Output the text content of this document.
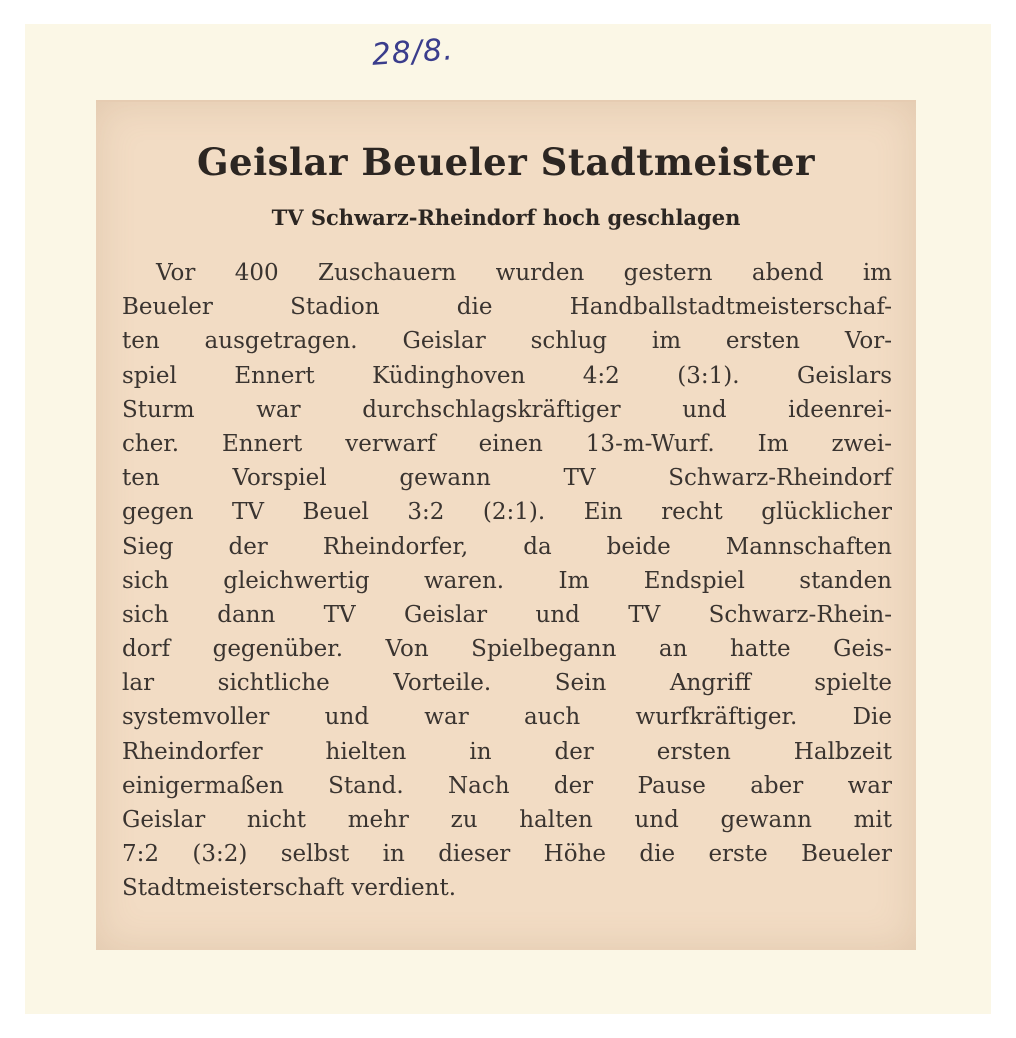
28/8.
Geislar Beueler Stadtmeister
TV Schwarz-Rheindorf hoch geschlagen
Vor 400 Zuschauern wurden gestern abend im
Beueler Stadion die Handballstadtmeisterschaf-
ten ausgetragen. Geislar schlug im ersten Vor-
spiel Ennert Küdinghoven 4:2 (3:1). Geislars
Sturm war durchschlagskräftiger und ideenrei-
cher. Ennert verwarf einen 13-m-Wurf. Im zwei-
ten Vorspiel gewann TV Schwarz-Rheindorf
gegen TV Beuel 3:2 (2:1). Ein recht glücklicher
Sieg der Rheindorfer, da beide Mannschaften
sich gleichwertig waren. Im Endspiel standen
sich dann TV Geislar und TV Schwarz-Rhein-
dorf gegenüber. Von Spielbegann an hatte Geis-
lar sichtliche Vorteile. Sein Angriff spielte
systemvoller und war auch wurfkräftiger. Die
Rheindorfer hielten in der ersten Halbzeit
einigermaßen Stand. Nach der Pause aber war
Geislar nicht mehr zu halten und gewann mit
7:2 (3:2) selbst in dieser Höhe die erste Beueler
Stadtmeisterschaft verdient.
